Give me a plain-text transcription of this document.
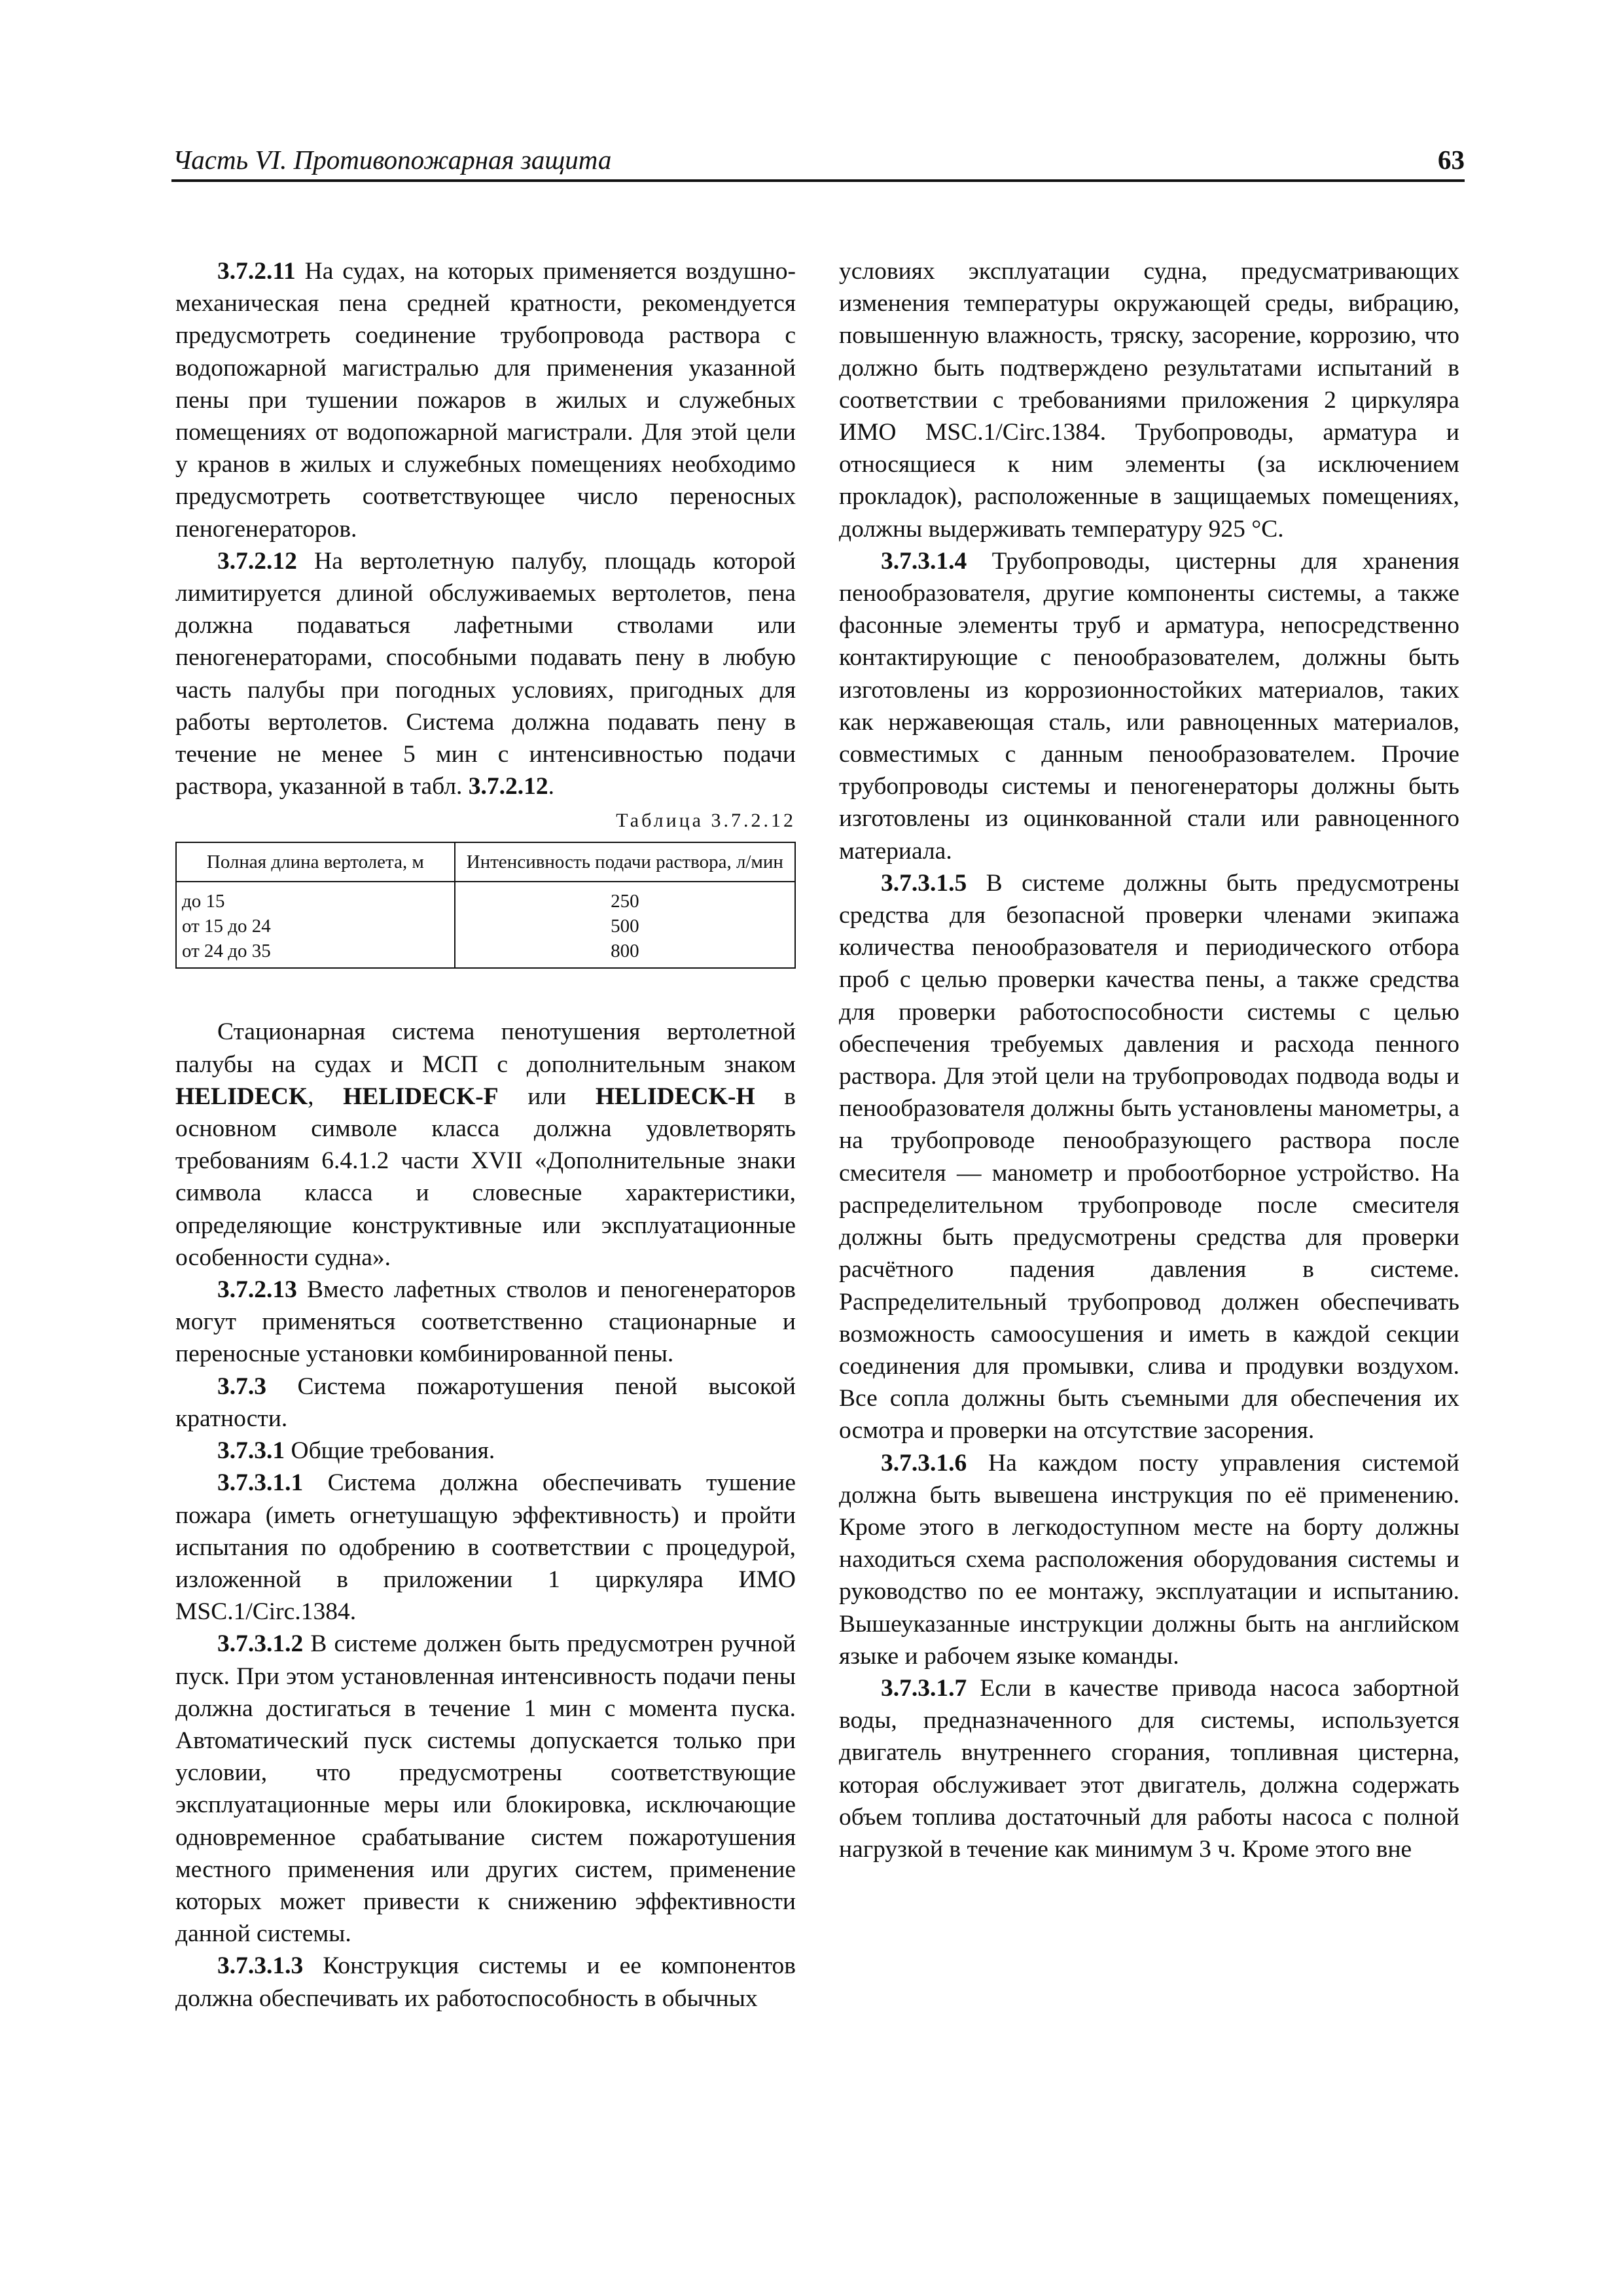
Часть VI. Противопожарная защита	63

3.7.2.11 На судах, на которых применяется воздушно-механическая пена средней кратности, рекомендуется предусмотреть соединение трубопровода раствора с водопожарной магистралью для применения указанной пены при тушении пожаров в жилых и служебных помещениях от водопожарной магистрали. Для этой цели у кранов в жилых и служебных помещениях необходимо предусмотреть соответствующее число переносных пеногенераторов.

3.7.2.12 На вертолетную палубу, площадь которой лимитируется длиной обслуживаемых вертолетов, пена должна подаваться лафетными стволами или пеногенераторами, способными подавать пену в любую часть палубы при погодных условиях, пригодных для работы вертолетов. Система должна подавать пену в течение не менее 5 мин с интенсивностью подачи раствора, указанной в табл. 3.7.2.12.

Таблица 3.7.2.12
Полная длина вертолета, м	Интенсивность подачи раствора, л/мин
до 15	250
от 15 до 24	500
от 24 до 35	800

Стационарная система пенотушения вертолетной палубы на судах и МСП с дополнительным знаком HELIDECK, HELIDECK-F или HELIDECK-H в основном символе класса должна удовлетворять требованиям 6.4.1.2 части XVII «Дополнительные знаки символа класса и словесные характеристики, определяющие конструктивные или эксплуатационные особенности судна».

3.7.2.13 Вместо лафетных стволов и пеногенераторов могут применяться соответственно стационарные и переносные установки комбинированной пены.

3.7.3 Система пожаротушения пеной высокой кратности.

3.7.3.1 Общие требования.

3.7.3.1.1 Система должна обеспечивать тушение пожара (иметь огнетушащую эффективность) и пройти испытания по одобрению в соответствии с процедурой, изложенной в приложении 1 циркуляра ИМО MSC.1/Circ.1384.

3.7.3.1.2 В системе должен быть предусмотрен ручной пуск. При этом установленная интенсивность подачи пены должна достигаться в течение 1 мин с момента пуска. Автоматический пуск системы допускается только при условии, что предусмотрены соответствующие эксплуатационные меры или блокировка, исключающие одновременное срабатывание систем пожаротушения местного применения или других систем, применение которых может привести к снижению эффективности данной системы.

3.7.3.1.3 Конструкция системы и ее компонентов должна обеспечивать их работоспособность в обычных

условиях эксплуатации судна, предусматривающих изменения температуры окружающей среды, вибрацию, повышенную влажность, тряску, засорение, коррозию, что должно быть подтверждено результатами испытаний в соответствии с требованиями приложения 2 циркуляра ИМО MSC.1/Circ.1384. Трубопроводы, арматура и относящиеся к ним элементы (за исключением прокладок), расположенные в защищаемых помещениях, должны выдерживать температуру 925 °С.

3.7.3.1.4 Трубопроводы, цистерны для хранения пенообразователя, другие компоненты системы, а также фасонные элементы труб и арматура, непосредственно контактирующие с пенообразователем, должны быть изготовлены из коррозионностойких материалов, таких как нержавеющая сталь, или равноценных материалов, совместимых с данным пенообразователем. Прочие трубопроводы системы и пеногенераторы должны быть изготовлены из оцинкованной стали или равноценного материала.

3.7.3.1.5 В системе должны быть предусмотрены средства для безопасной проверки членами экипажа количества пенообразователя и периодического отбора проб с целью проверки качества пены, а также средства для проверки работоспособности системы с целью обеспечения требуемых давления и расхода пенного раствора. Для этой цели на трубопроводах подвода воды и пенообразователя должны быть установлены манометры, а на трубопроводе пенообразующего раствора после смесителя — манометр и пробоотборное устройство. На распределительном трубопроводе после смесителя должны быть предусмотрены средства для проверки расчётного падения давления в системе. Распределительный трубопровод должен обеспечивать возможность самоосушения и иметь в каждой секции соединения для промывки, слива и продувки воздухом. Все сопла должны быть съемными для обеспечения их осмотра и проверки на отсутствие засорения.

3.7.3.1.6 На каждом посту управления системой должна быть вывешена инструкция по её применению. Кроме этого в легкодоступном месте на борту должны находиться схема расположения оборудования системы и руководство по ее монтажу, эксплуатации и испытанию. Вышеуказанные инструкции должны быть на английском языке и рабочем языке команды.

3.7.3.1.7 Если в качестве привода насоса забортной воды, предназначенного для системы, используется двигатель внутреннего сгорания, топливная цистерна, которая обслуживает этот двигатель, должна содержать объем топлива достаточный для работы насоса с полной нагрузкой в течение как минимум 3 ч. Кроме этого вне
